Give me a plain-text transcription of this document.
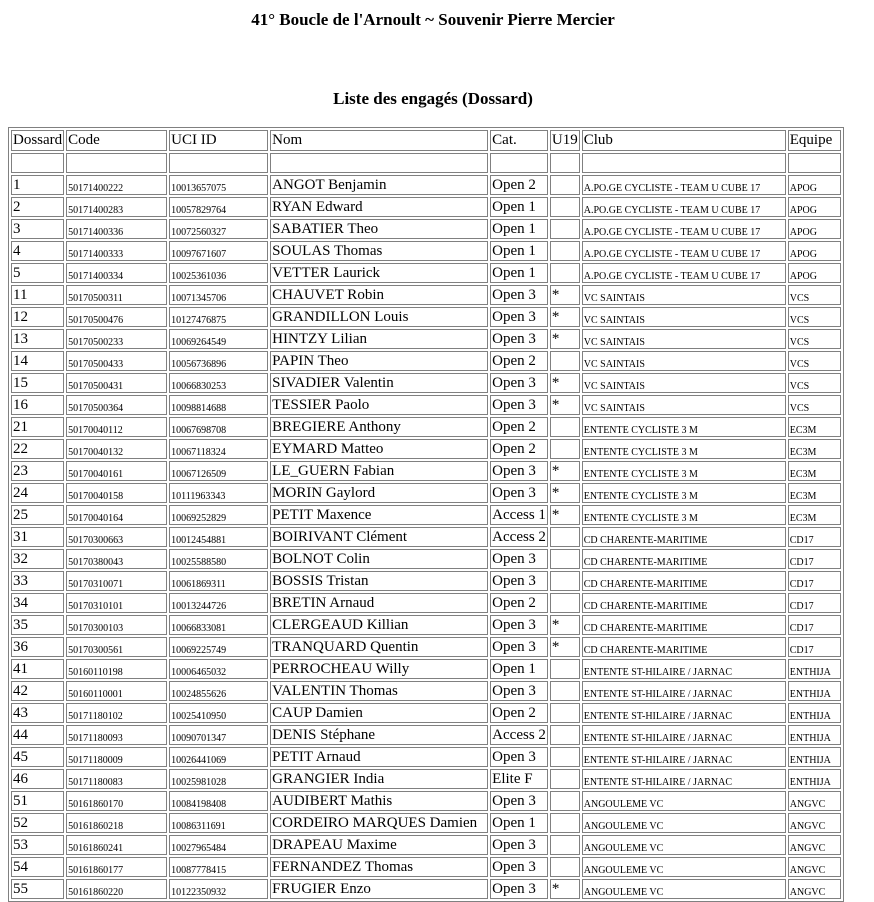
41° Boucle de l'Arnoult ~ Souvenir Pierre Mercier
Liste des engagés (Dossard)
Dossard	Code	UCI ID	Nom	Cat.	U19	Club	Equipe

1	50171400222	10013657075	ANGOT Benjamin	Open 2		A.PO.GE CYCLISTE - TEAM U CUBE 17	APOG
2	50171400283	10057829764	RYAN Edward	Open 1		A.PO.GE CYCLISTE - TEAM U CUBE 17	APOG
3	50171400336	10072560327	SABATIER Theo	Open 1		A.PO.GE CYCLISTE - TEAM U CUBE 17	APOG
4	50171400333	10097671607	SOULAS Thomas	Open 1		A.PO.GE CYCLISTE - TEAM U CUBE 17	APOG
5	50171400334	10025361036	VETTER Laurick	Open 1		A.PO.GE CYCLISTE - TEAM U CUBE 17	APOG
11	50170500311	10071345706	CHAUVET Robin	Open 3	*	VC SAINTAIS	VCS
12	50170500476	10127476875	GRANDILLON Louis	Open 3	*	VC SAINTAIS	VCS
13	50170500233	10069264549	HINTZY Lilian	Open 3	*	VC SAINTAIS	VCS
14	50170500433	10056736896	PAPIN Theo	Open 2		VC SAINTAIS	VCS
15	50170500431	10066830253	SIVADIER Valentin	Open 3	*	VC SAINTAIS	VCS
16	50170500364	10098814688	TESSIER Paolo	Open 3	*	VC SAINTAIS	VCS
21	50170040112	10067698708	BREGIERE Anthony	Open 2		ENTENTE CYCLISTE 3 M	EC3M
22	50170040132	10067118324	EYMARD Matteo	Open 2		ENTENTE CYCLISTE 3 M	EC3M
23	50170040161	10067126509	LE_GUERN Fabian	Open 3	*	ENTENTE CYCLISTE 3 M	EC3M
24	50170040158	10111963343	MORIN Gaylord	Open 3	*	ENTENTE CYCLISTE 3 M	EC3M
25	50170040164	10069252829	PETIT Maxence	Access 1	*	ENTENTE CYCLISTE 3 M	EC3M
31	50170300663	10012454881	BOIRIVANT Clément	Access 2		CD CHARENTE-MARITIME	CD17
32	50170380043	10025588580	BOLNOT Colin	Open 3		CD CHARENTE-MARITIME	CD17
33	50170310071	10061869311	BOSSIS Tristan	Open 3		CD CHARENTE-MARITIME	CD17
34	50170310101	10013244726	BRETIN Arnaud	Open 2		CD CHARENTE-MARITIME	CD17
35	50170300103	10066833081	CLERGEAUD Killian	Open 3	*	CD CHARENTE-MARITIME	CD17
36	50170300561	10069225749	TRANQUARD Quentin	Open 3	*	CD CHARENTE-MARITIME	CD17
41	50160110198	10006465032	PERROCHEAU Willy	Open 1		ENTENTE ST-HILAIRE / JARNAC	ENTHIJA
42	50160110001	10024855626	VALENTIN Thomas	Open 3		ENTENTE ST-HILAIRE / JARNAC	ENTHIJA
43	50171180102	10025410950	CAUP Damien	Open 2		ENTENTE ST-HILAIRE / JARNAC	ENTHIJA
44	50171180093	10090701347	DENIS Stéphane	Access 2		ENTENTE ST-HILAIRE / JARNAC	ENTHIJA
45	50171180009	10026441069	PETIT Arnaud	Open 3		ENTENTE ST-HILAIRE / JARNAC	ENTHIJA
46	50171180083	10025981028	GRANGIER India	Elite F		ENTENTE ST-HILAIRE / JARNAC	ENTHIJA
51	50161860170	10084198408	AUDIBERT Mathis	Open 3		ANGOULEME VC	ANGVC
52	50161860218	10086311691	CORDEIRO MARQUES Damien	Open 1		ANGOULEME VC	ANGVC
53	50161860241	10027965484	DRAPEAU Maxime	Open 3		ANGOULEME VC	ANGVC
54	50161860177	10087778415	FERNANDEZ Thomas	Open 3		ANGOULEME VC	ANGVC
55	50161860220	10122350932	FRUGIER Enzo	Open 3	*	ANGOULEME VC	ANGVC
